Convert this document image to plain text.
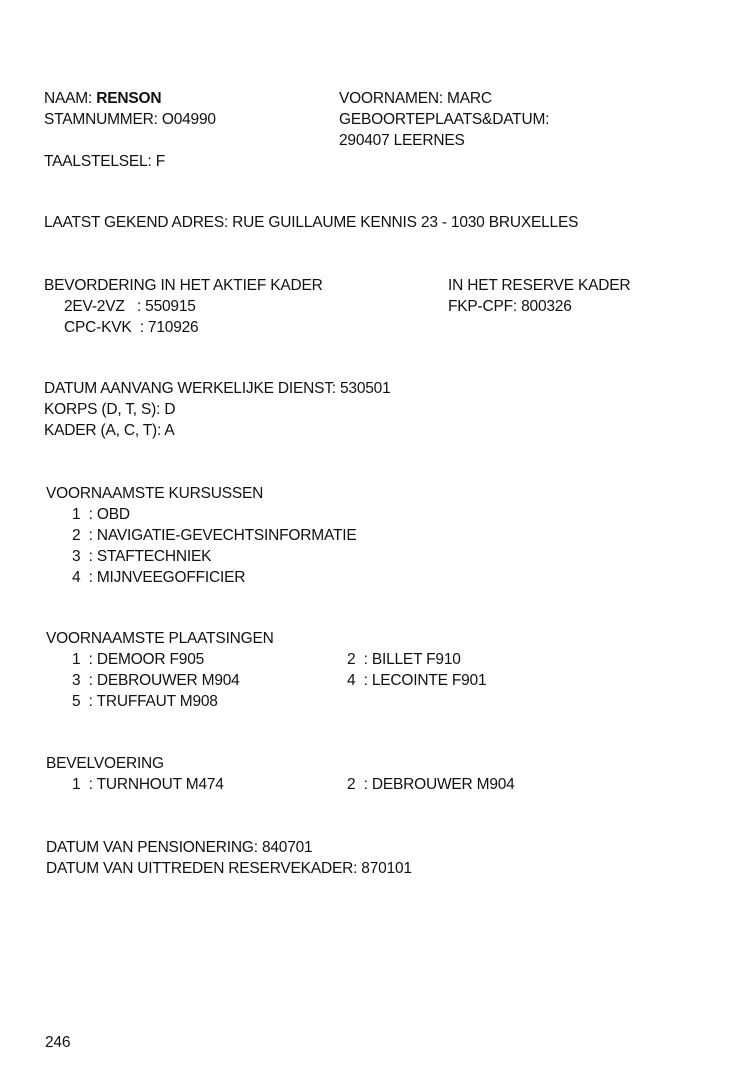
NAAM: RENSON
STAMNUMMER: O04990
TAALSTELSEL: F
VOORNAMEN: MARC
GEBOORTEPLAATS&DATUM:
290407 LEERNES
LAATST GEKEND ADRES: RUE GUILLAUME KENNIS 23 - 1030 BRUXELLES
BEVORDERING IN HET AKTIEF KADER
2EV-2VZ   : 550915
CPC-KVK  : 710926
IN HET RESERVE KADER
FKP-CPF: 800326
DATUM AANVANG WERKELIJKE DIENST: 530501
KORPS (D, T, S): D
KADER (A, C, T): A
VOORNAAMSTE KURSUSSEN
1  : OBD
2  : NAVIGATIE-GEVECHTSINFORMATIE
3  : STAFTECHNIEK
4  : MIJNVEEGOFFICIER
VOORNAAMSTE PLAATSINGEN
1  : DEMOOR F905
3  : DEBROUWER M904
5  : TRUFFAUT M908
2  : BILLET F910
4  : LECOINTE F901
BEVELVOERING
1  : TURNHOUT M474	2  : DEBROUWER M904
DATUM VAN PENSIONERING: 840701
DATUM VAN UITTREDEN RESERVEKADER: 870101
246
